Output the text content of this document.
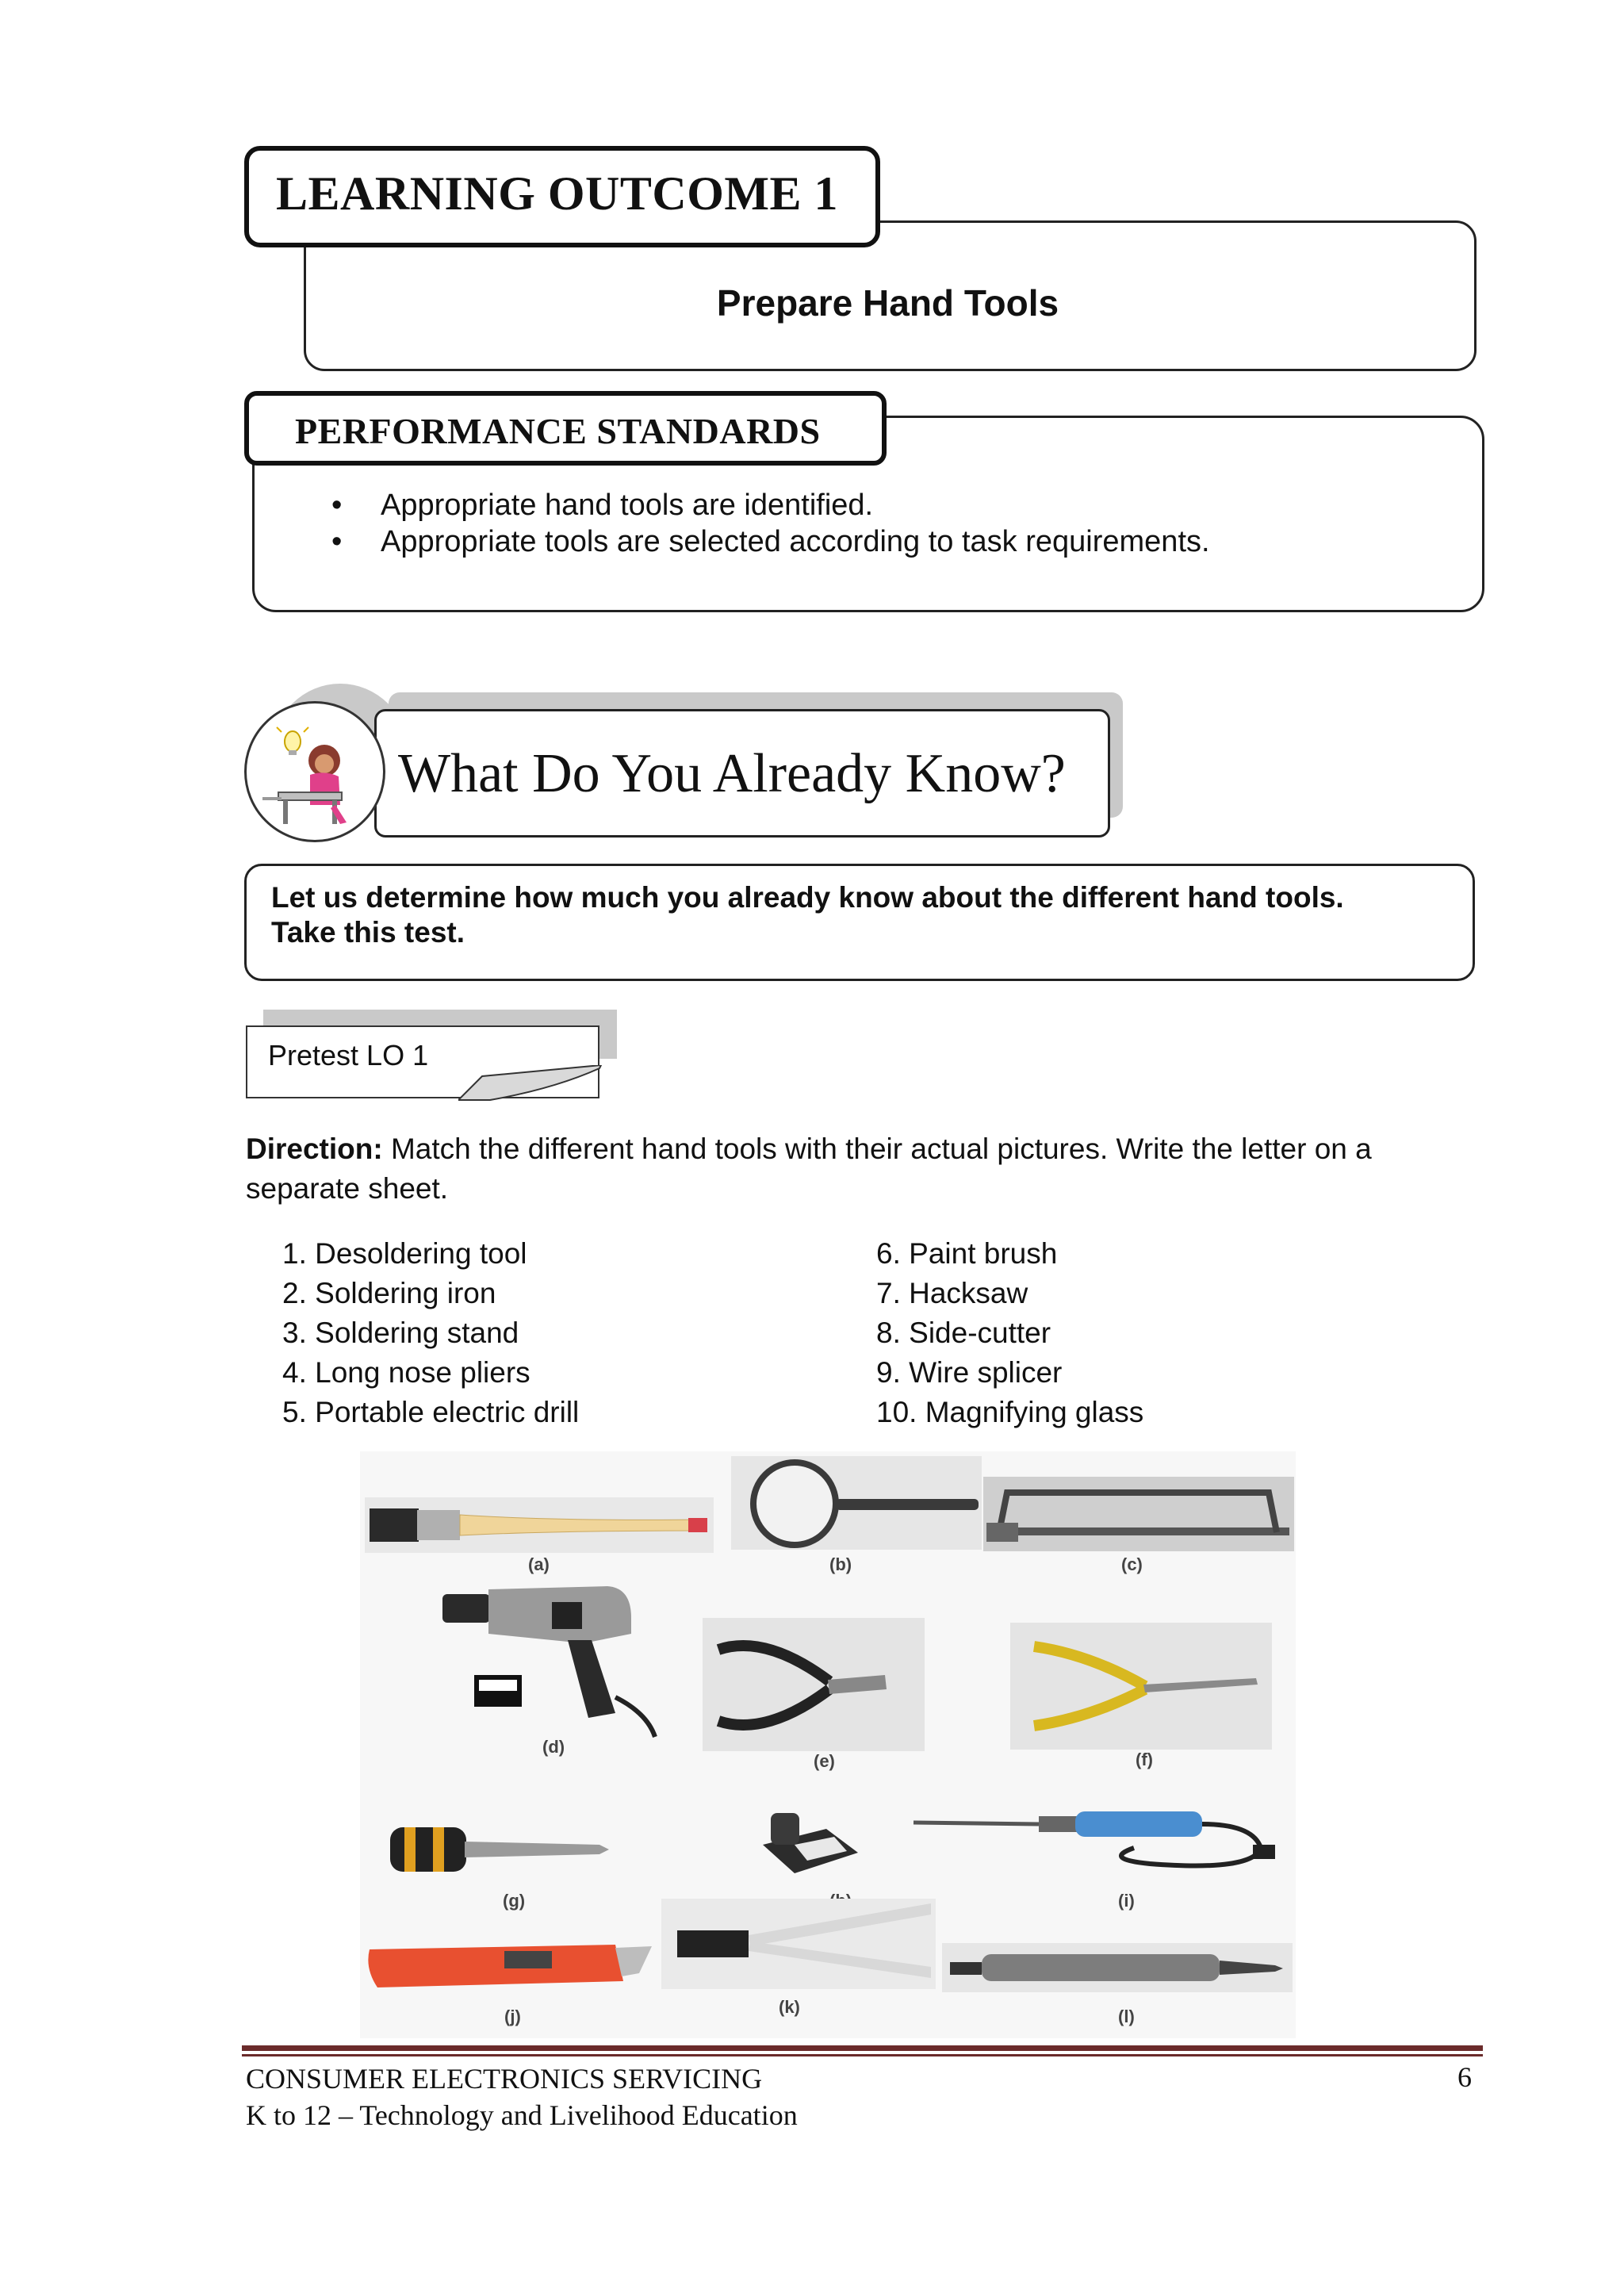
Prepare Hand Tools
LEARNING OUTCOME 1
PERFORMANCE STANDARDS
• Appropriate hand tools are identified.
• Appropriate tools are selected according to task requirements.
What Do You Already Know?
Let us determine how much you already know about the different hand tools.
Take this test.
Pretest LO 1
Direction: Match the different hand tools with their actual pictures. Write the letter on a separate sheet.
1. Desoldering tool
2. Soldering iron
3. Soldering stand
4. Long nose pliers
5. Portable electric drill
6. Paint brush
7. Hacksaw
8. Side-cutter
9. Wire splicer
10. Magnifying glass
(a)	(b)	(c)
(d)
(e)	(f)
(g)	(i)
(j)	(k)	(l)
CONSUMER ELECTRONICS SERVICING
K to 12 – Technology and Livelihood Education
6
